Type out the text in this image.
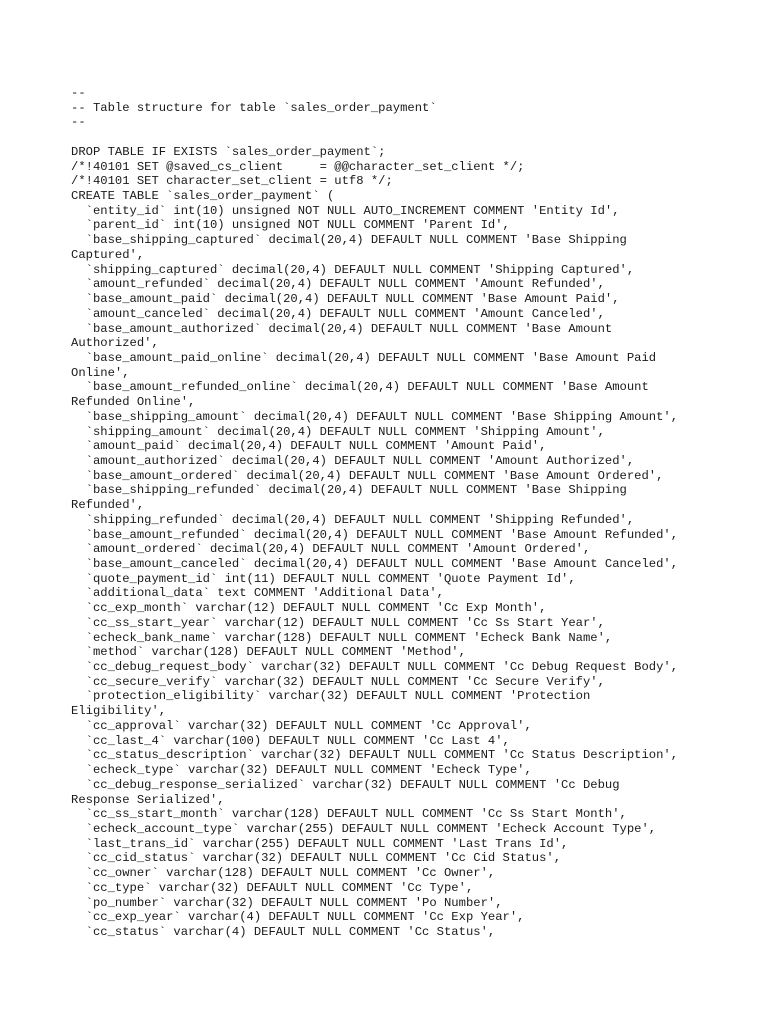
--
-- Table structure for table `sales_order_payment`
--
DROP TABLE IF EXISTS `sales_order_payment`;
/*!40101 SET @saved_cs_client     = @@character_set_client */;
/*!40101 SET character_set_client = utf8 */;
CREATE TABLE `sales_order_payment` (
`entity_id` int(10) unsigned NOT NULL AUTO_INCREMENT COMMENT 'Entity Id',
`parent_id` int(10) unsigned NOT NULL COMMENT 'Parent Id',
`base_shipping_captured` decimal(20,4) DEFAULT NULL COMMENT 'Base Shipping
Captured',
`shipping_captured` decimal(20,4) DEFAULT NULL COMMENT 'Shipping Captured',
`amount_refunded` decimal(20,4) DEFAULT NULL COMMENT 'Amount Refunded',
`base_amount_paid` decimal(20,4) DEFAULT NULL COMMENT 'Base Amount Paid',
`amount_canceled` decimal(20,4) DEFAULT NULL COMMENT 'Amount Canceled',
`base_amount_authorized` decimal(20,4) DEFAULT NULL COMMENT 'Base Amount
Authorized',
`base_amount_paid_online` decimal(20,4) DEFAULT NULL COMMENT 'Base Amount Paid
Online',
`base_amount_refunded_online` decimal(20,4) DEFAULT NULL COMMENT 'Base Amount
Refunded Online',
`base_shipping_amount` decimal(20,4) DEFAULT NULL COMMENT 'Base Shipping Amount',
`shipping_amount` decimal(20,4) DEFAULT NULL COMMENT 'Shipping Amount',
`amount_paid` decimal(20,4) DEFAULT NULL COMMENT 'Amount Paid',
`amount_authorized` decimal(20,4) DEFAULT NULL COMMENT 'Amount Authorized',
`base_amount_ordered` decimal(20,4) DEFAULT NULL COMMENT 'Base Amount Ordered',
`base_shipping_refunded` decimal(20,4) DEFAULT NULL COMMENT 'Base Shipping
Refunded',
`shipping_refunded` decimal(20,4) DEFAULT NULL COMMENT 'Shipping Refunded',
`base_amount_refunded` decimal(20,4) DEFAULT NULL COMMENT 'Base Amount Refunded',
`amount_ordered` decimal(20,4) DEFAULT NULL COMMENT 'Amount Ordered',
`base_amount_canceled` decimal(20,4) DEFAULT NULL COMMENT 'Base Amount Canceled',
`quote_payment_id` int(11) DEFAULT NULL COMMENT 'Quote Payment Id',
`additional_data` text COMMENT 'Additional Data',
`cc_exp_month` varchar(12) DEFAULT NULL COMMENT 'Cc Exp Month',
`cc_ss_start_year` varchar(12) DEFAULT NULL COMMENT 'Cc Ss Start Year',
`echeck_bank_name` varchar(128) DEFAULT NULL COMMENT 'Echeck Bank Name',
`method` varchar(128) DEFAULT NULL COMMENT 'Method',
`cc_debug_request_body` varchar(32) DEFAULT NULL COMMENT 'Cc Debug Request Body',
`cc_secure_verify` varchar(32) DEFAULT NULL COMMENT 'Cc Secure Verify',
`protection_eligibility` varchar(32) DEFAULT NULL COMMENT 'Protection
Eligibility',
`cc_approval` varchar(32) DEFAULT NULL COMMENT 'Cc Approval',
`cc_last_4` varchar(100) DEFAULT NULL COMMENT 'Cc Last 4',
`cc_status_description` varchar(32) DEFAULT NULL COMMENT 'Cc Status Description',
`echeck_type` varchar(32) DEFAULT NULL COMMENT 'Echeck Type',
`cc_debug_response_serialized` varchar(32) DEFAULT NULL COMMENT 'Cc Debug
Response Serialized',
`cc_ss_start_month` varchar(128) DEFAULT NULL COMMENT 'Cc Ss Start Month',
`echeck_account_type` varchar(255) DEFAULT NULL COMMENT 'Echeck Account Type',
`last_trans_id` varchar(255) DEFAULT NULL COMMENT 'Last Trans Id',
`cc_cid_status` varchar(32) DEFAULT NULL COMMENT 'Cc Cid Status',
`cc_owner` varchar(128) DEFAULT NULL COMMENT 'Cc Owner',
`cc_type` varchar(32) DEFAULT NULL COMMENT 'Cc Type',
`po_number` varchar(32) DEFAULT NULL COMMENT 'Po Number',
`cc_exp_year` varchar(4) DEFAULT NULL COMMENT 'Cc Exp Year',
`cc_status` varchar(4) DEFAULT NULL COMMENT 'Cc Status',
